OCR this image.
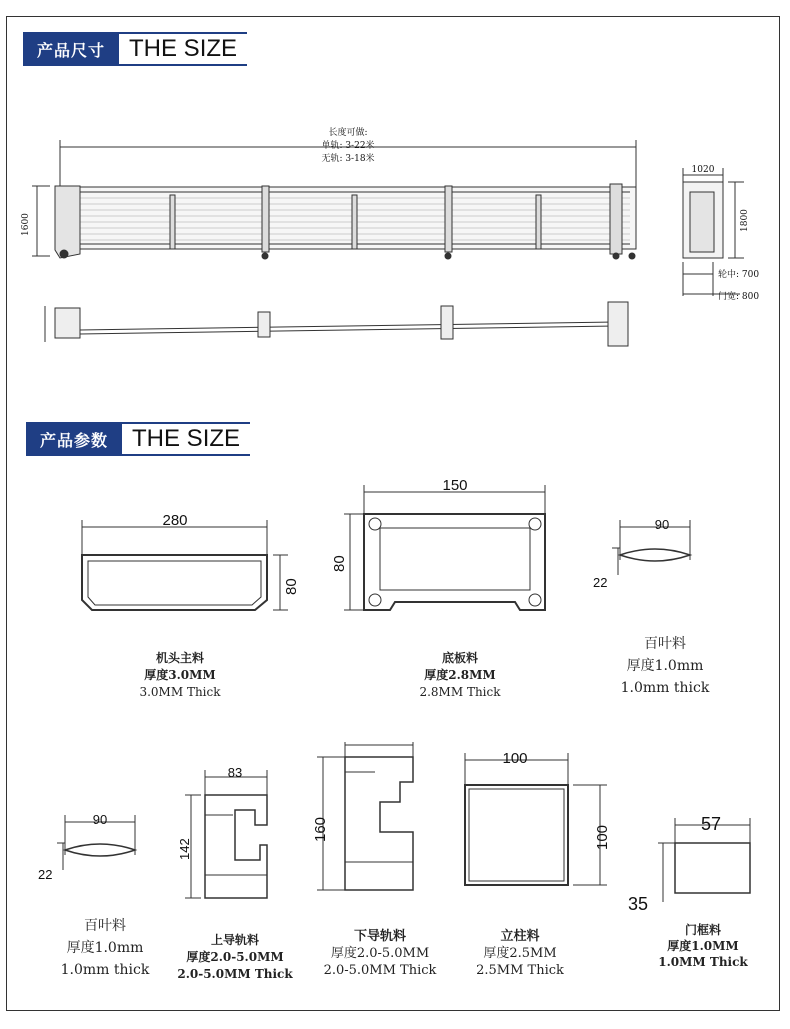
产品尺寸	THE SIZE
长度可做:
单轨: 3-22米
无轨: 3-18米
1600
1020
1800
轮中: 700
门宽: 800
产品参数	THE SIZE
280
80
机头主料
厚度3.0MM
3.0MM Thick
150
80
底板料
厚度2.8MM
2.8MM Thick
90
22
百叶料
厚度1.0mm
1.0mm thick
90
22
百叶料
厚度1.0mm
1.0mm thick
83
142
上导轨料
厚度2.0-5.0MM
2.0-5.0MM Thick
160
下导轨料
厚度2.0-5.0MM
2.0-5.0MM Thick
100
100
立柱料
厚度2.5MM
2.5MM Thick
57
35
门框料
厚度1.0MM
1.0MM Thick
